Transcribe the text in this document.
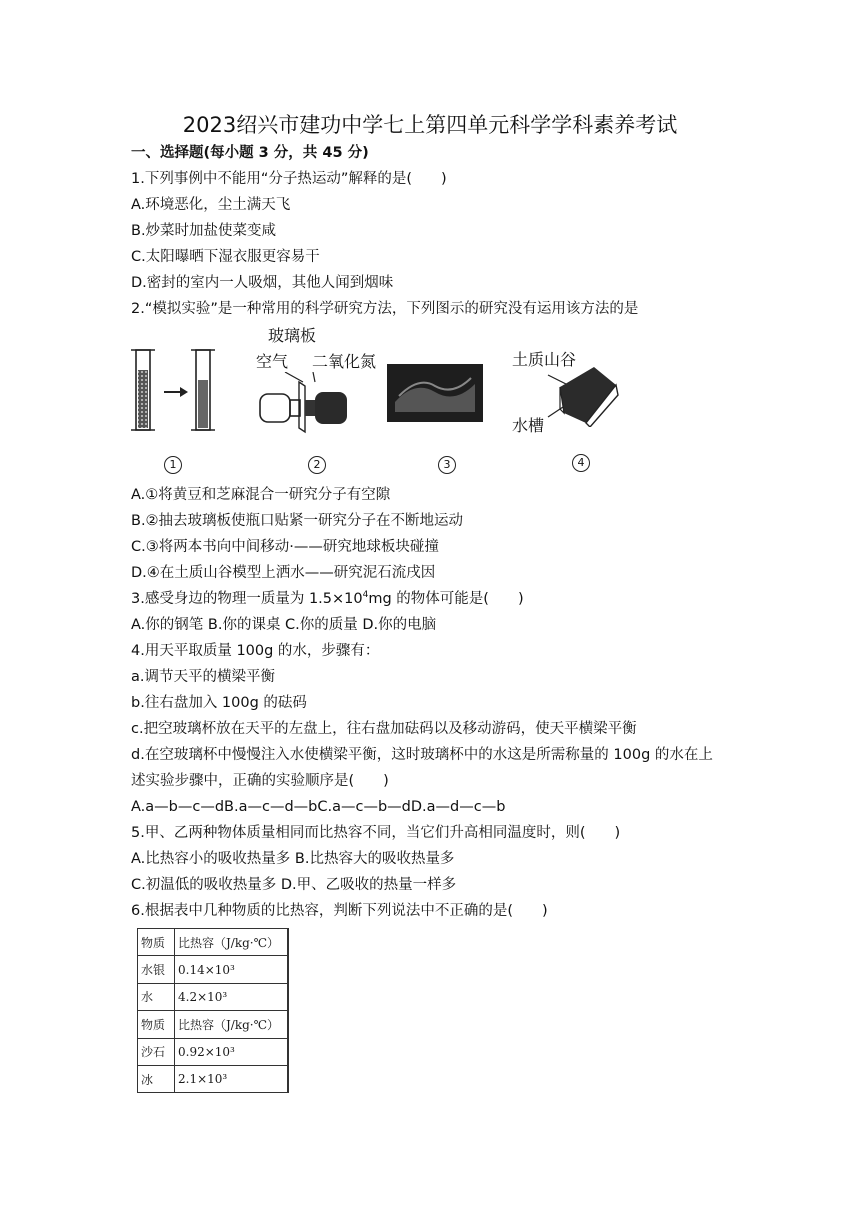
2023绍兴市建功中学七上第四单元科学学科素养考试
一、选择题(每小题 3 分，共 45 分)
1.下列事例中不能用“分子热运动”解释的是(　　)
A.环境恶化，尘土满天飞
B.炒菜时加盐使菜变咸
C.太阳曝晒下湿衣服更容易干
D.密封的室内一人吸烟，其他人闻到烟味
2.“模拟实验”是一种常用的科学研究方法，下列图示的研究没有运用该方法的是
玻璃板
空气 二氧化氮	土质山谷
水槽
1	2	3	4
A.①将黄豆和芝麻混合一研究分子有空隙
B.②抽去玻璃板使瓶口贴紧一研究分子在不断地运动
C.③将两本书向中间移动·——研究地球板块碰撞
D.④在土质山谷模型上洒水——研究泥石流戌因
3.感受身边的物理一质量为 $1.5\times 10^4mg$ 的物体可能是(　　)
A.你的钢笔 B.你的课桌 C.你的质量 D.你的电脑
4.用天平取质量 100g 的水，步骤有：
a.调节天平的横梁平衡
b.往右盘加入 100g 的砝码
c.把空玻璃杯放在天平的左盘上，往右盘加砝码以及移动游码，使天平横梁平衡
d.在空玻璃杯中慢慢注入水使横梁平衡，这时玻璃杯中的水这是所需称量的 100g 的水在上
述实验步骤中，正确的实验顺序是(　　)
A.a—b—c—dB.a—c—d—bC.a—c—b—dD.a—d—c—b
5.甲、乙两种物体质量相同而比热容不同，当它们升高相同温度时，则(　　)
A.比热容小的吸收热量多 B.比热容大的吸收热量多
C.初温低的吸收热量多 D.甲、乙吸收的热量一样多
6.根据表中几种物质的比热容，判断下列说法中不正确的是(　　)
物质	比热容（J/kg·℃）	
水银	0.14×10³	
水	4.2×10³	
物质	比热容（J/kg·℃）	
沙石	0.92×10³	
冰	2.1×10³	
